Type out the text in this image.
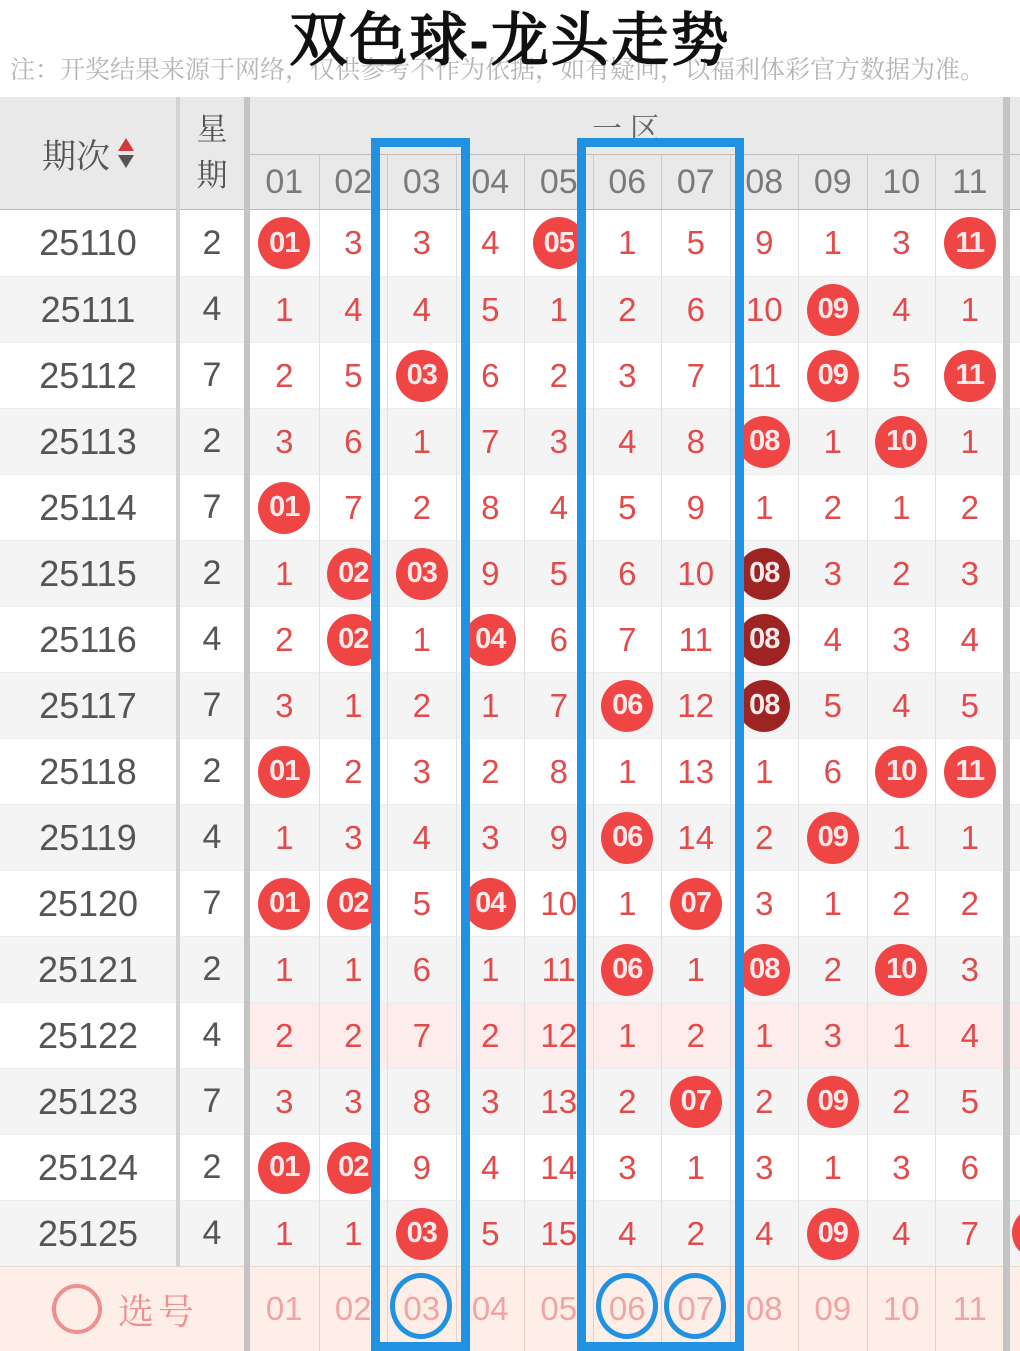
注：开奖结果来源于网络，仅供参考不作为依据，如有疑问，以福利体彩官方数据为准。
双色球-龙头走势
期次
星
期
一区
01 02 03 04 05 06 07 08 09 10 11
25110	2	01	3	3	4	05	1	5	9	1	3	11
25111	4	1	4	4	5	1	2	6	10	09	4	1
25112	7	2	5	03	6	2	3	7	11	09	5	11
25113	2	3	6	1	7	3	4	8	08	1	10	1
25114	7	01	7	2	8	4	5	9	1	2	1	2
25115	2	1	02	03	9	5	6	10	08	3	2	3
25116	4	2	02	1	04	6	7	11	08	4	3	4
25117	7	3	1	2	1	7	06	12	08	5	4	5
25118	2	01	2	3	2	8	1	13	1	6	10	11
25119	4	1	3	4	3	9	06	14	2	09	1	1
25120	7	01	02	5	04	10	1	07	3	1	2	2
25121	2	1	1	6	1	11	06	1	08	2	10	3
25122	4	2	2	7	2	12	1	2	1	3	1	4
25123	7	3	3	8	3	13	2	07	2	09	2	5
25124	2	01	02	9	4	14	3	1	3	1	3	6
25125	4	1	1	03	5	15	4	2	4	09	4	7
选号	01 02 03 04 05 06 07 08 09 10	11
